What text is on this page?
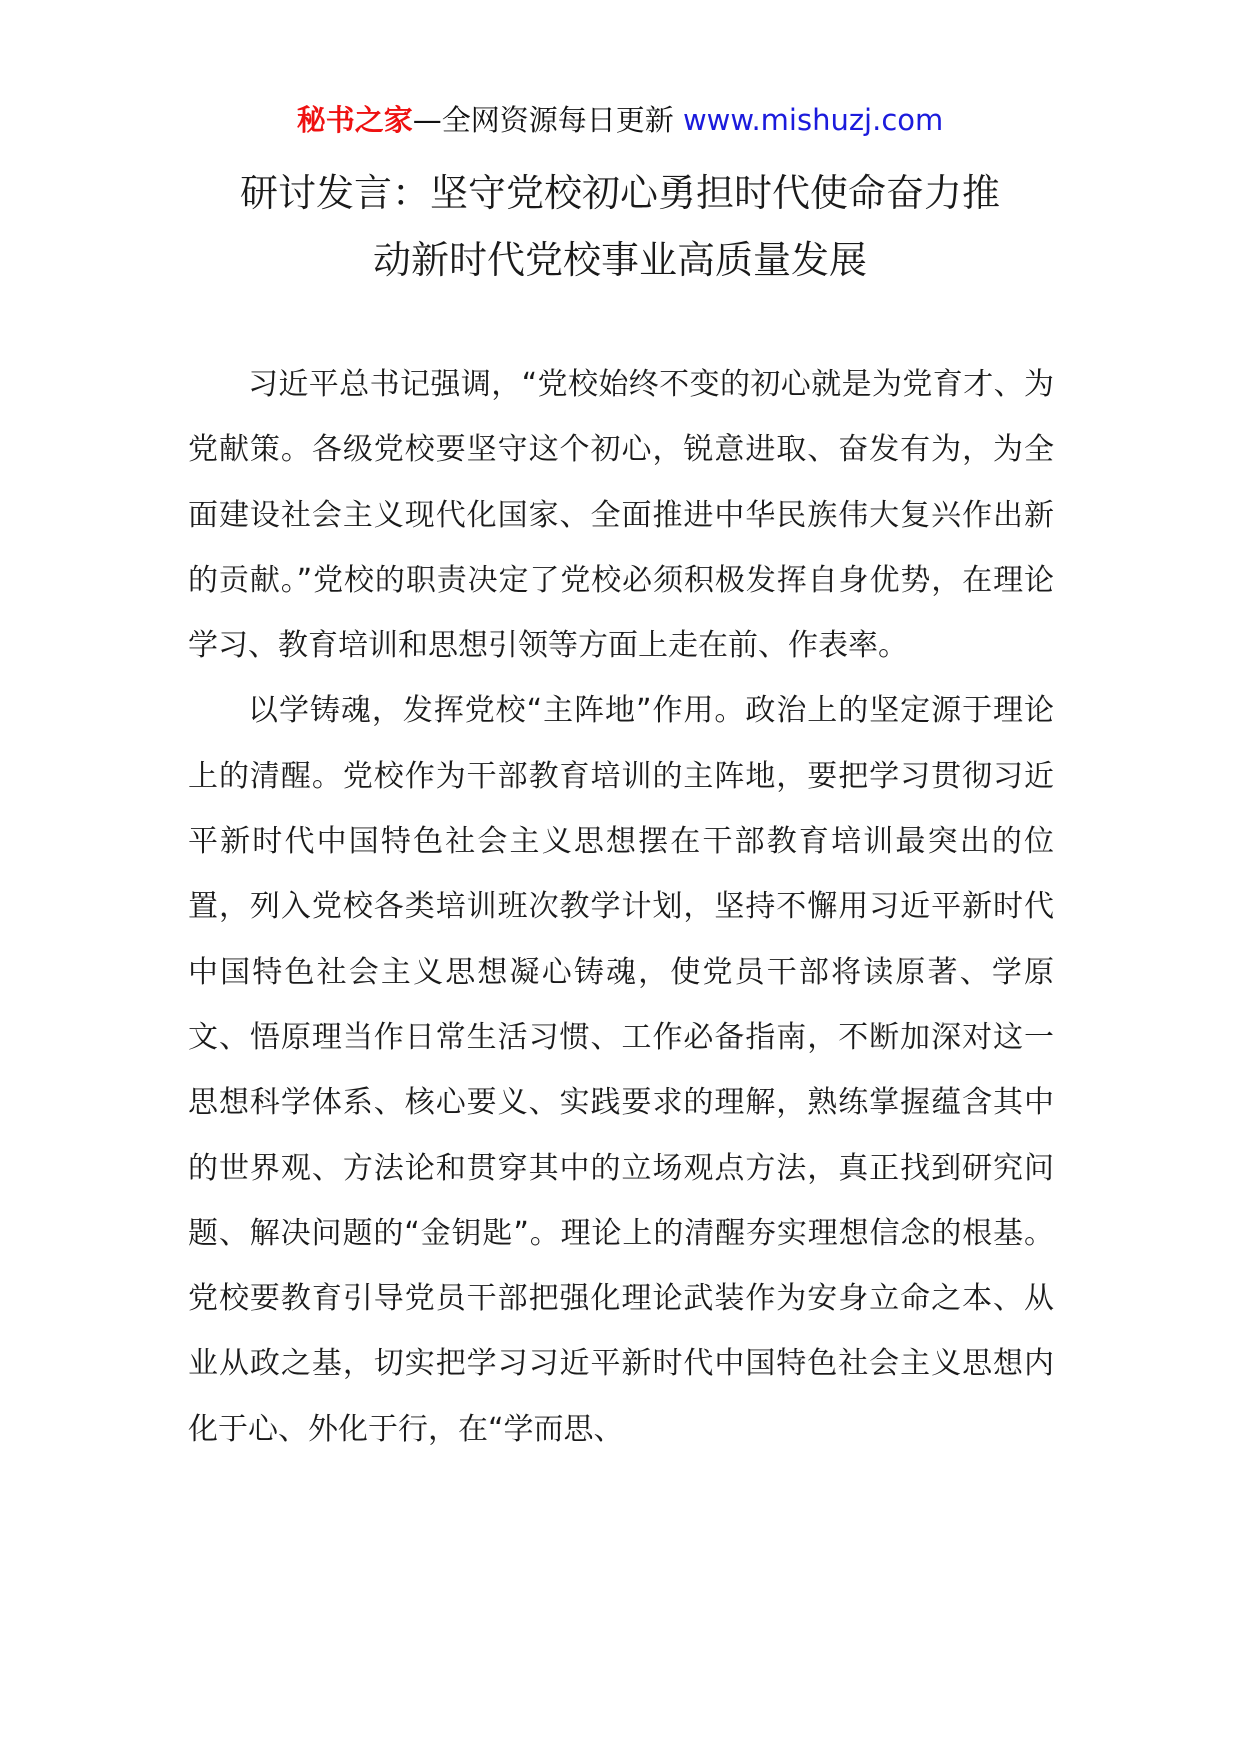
秘书之家—全网资源每日更新 www.mishuzj.com
研讨发言：坚守党校初心勇担时代使命奋力推
动新时代党校事业高质量发展

习近平总书记强调，“党校始终不变的初心就是为党育才、为党献策。各级党校要坚守这个初心，锐意进取、奋发有为，为全面建设社会主义现代化国家、全面推进中华民族伟大复兴作出新的贡献。”党校的职责决定了党校必须积极发挥自身优势，在理论学习、教育培训和思想引领等方面上走在前、作表率。

以学铸魂，发挥党校“主阵地”作用。政治上的坚定源于理论上的清醒。党校作为干部教育培训的主阵地，要把学习贯彻习近平新时代中国特色社会主义思想摆在干部教育培训最突出的位置，列入党校各类培训班次教学计划，坚持不懈用习近平新时代中国特色社会主义思想凝心铸魂，使党员干部将读原著、学原文、悟原理当作日常生活习惯、工作必备指南，不断加深对这一思想科学体系、核心要义、实践要求的理解，熟练掌握蕴含其中的世界观、方法论和贯穿其中的立场观点方法，真正找到研究问题、解决问题的“金钥匙”。理论上的清醒夯实理想信念的根基。党校要教育引导党员干部把强化理论武装作为安身立命之本、从业从政之基，切实把学习习近平新时代中国特色社会主义思想内化于心、外化于行，在“学而思、
